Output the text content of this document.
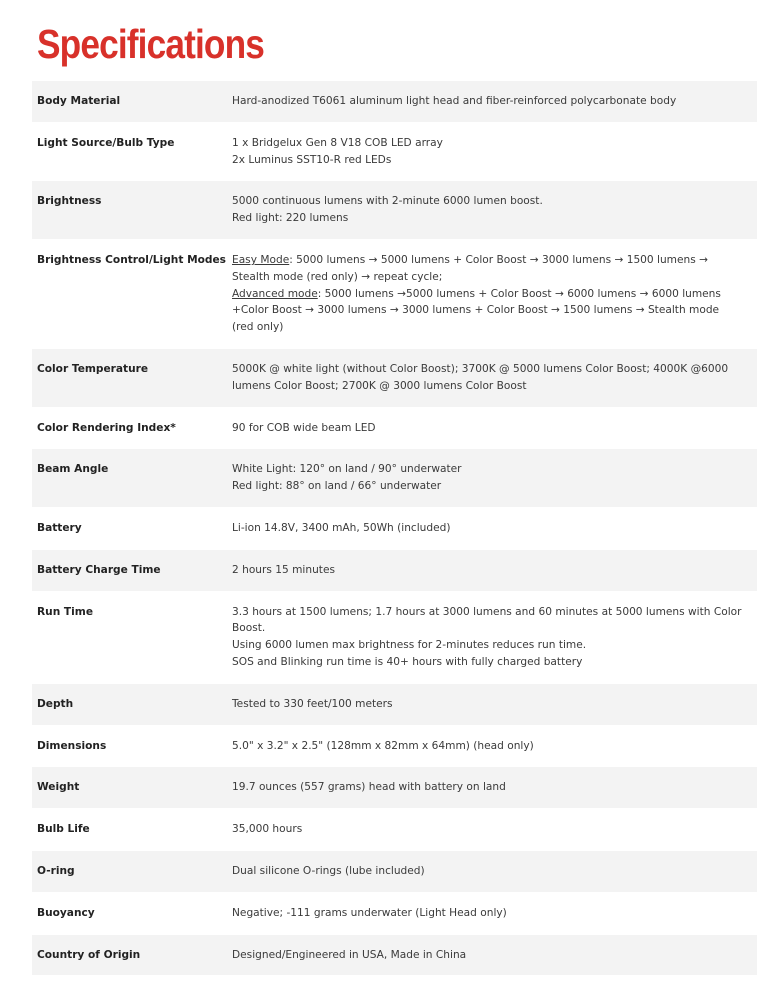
Specifications
Body Material	Hard-anodized T6061 aluminum light head and fiber-reinforced polycarbonate body

Light Source/Bulb Type	1 x Bridgelux Gen 8 V18 COB LED array
2x Luminus SST10-R red LEDs

Brightness	5000 continuous lumens with 2-minute 6000 lumen boost.
Red light: 220 lumens

Brightness Control/Light Modes	Easy Mode: 5000 lumens → 5000 lumens + Color Boost → 3000 lumens → 1500 lumens → Stealth mode (red only) → repeat cycle;
Advanced mode: 5000 lumens →5000 lumens + Color Boost → 6000 lumens → 6000 lumens +Color Boost → 3000 lumens → 3000 lumens + Color Boost → 1500 lumens → Stealth mode (red only)

Color Temperature	5000K @ white light (without Color Boost); 3700K @ 5000 lumens Color Boost; 4000K @6000 lumens Color Boost; 2700K @ 3000 lumens Color Boost

Color Rendering Index*	90 for COB wide beam LED

Beam Angle	White Light: 120° on land / 90° underwater
Red light: 88° on land / 66° underwater

Battery	Li-ion 14.8V, 3400 mAh, 50Wh (included)

Battery Charge Time	2 hours 15 minutes

Run Time	3.3 hours at 1500 lumens; 1.7 hours at 3000 lumens and 60 minutes at 5000 lumens with Color Boost.
Using 6000 lumen max brightness for 2-minutes reduces run time.
SOS and Blinking run time is 40+ hours with fully charged battery

Depth	Tested to 330 feet/100 meters

Dimensions	5.0" x 3.2" x 2.5" (128mm x 82mm x 64mm) (head only)

Weight	19.7 ounces (557 grams) head with battery on land

Bulb Life	35,000 hours

O-ring	Dual silicone O-rings (lube included)

Buoyancy	Negative; -111 grams underwater (Light Head only)

Country of Origin	Designed/Engineered in USA, Made in China
